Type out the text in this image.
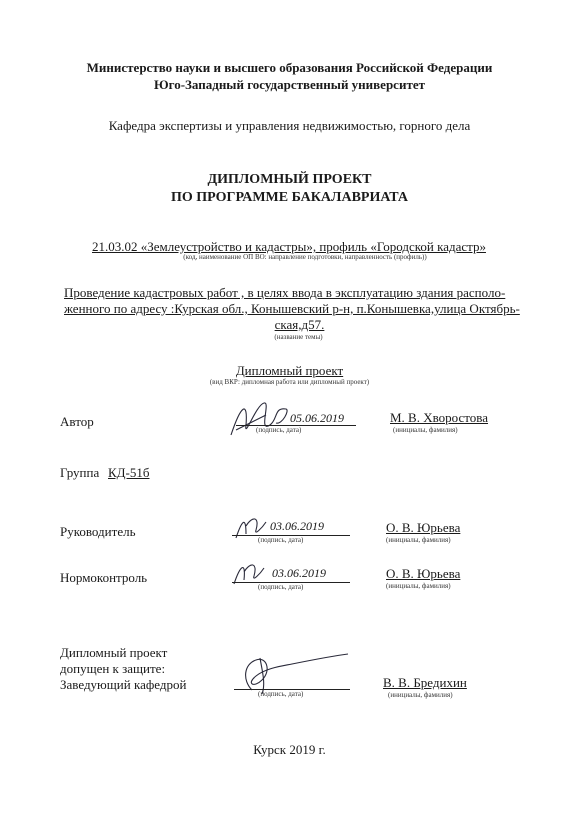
Министерство науки и высшего образования Российской Федерации
Юго-Западный государственный университет
Кафедра экспертизы и управления недвижимостью, горного дела
ДИПЛОМНЫЙ ПРОЕКТ
ПО ПРОГРАММЕ БАКАЛАВРИАТА
21.03.02 «Землеустройство и кадастры», профиль «Городской кадастр»
(код, наименование ОП ВО: направление подготовки, направленность (профиль))
Проведение кадастровых работ , в целях ввода в эксплуатацию здания располо-
женного по адресу :Курская обл., Конышевский р-н, п.Конышевка,улица Октябрь-
ская,д57.
(название темы)
Дипломный проект
(вид ВКР: дипломная работа или дипломный проект)
Автор	05.06.2019
(подпись, дата)
М. В. Хворостова
(инициалы, фамилия)
Группа КД-51б
Руководитель	03.06.2019
(подпись, дата)
О. В. Юрьева
(инициалы, фамилия)
Нормоконтроль	03.06.2019
(подпись, дата)
О. В. Юрьева
(инициалы, фамилия)
Дипломный проект
допущен к защите:
Заведующий кафедрой
(подпись, дата)
В. В. Бредихин
(инициалы, фамилия)
Курск 2019 г.
